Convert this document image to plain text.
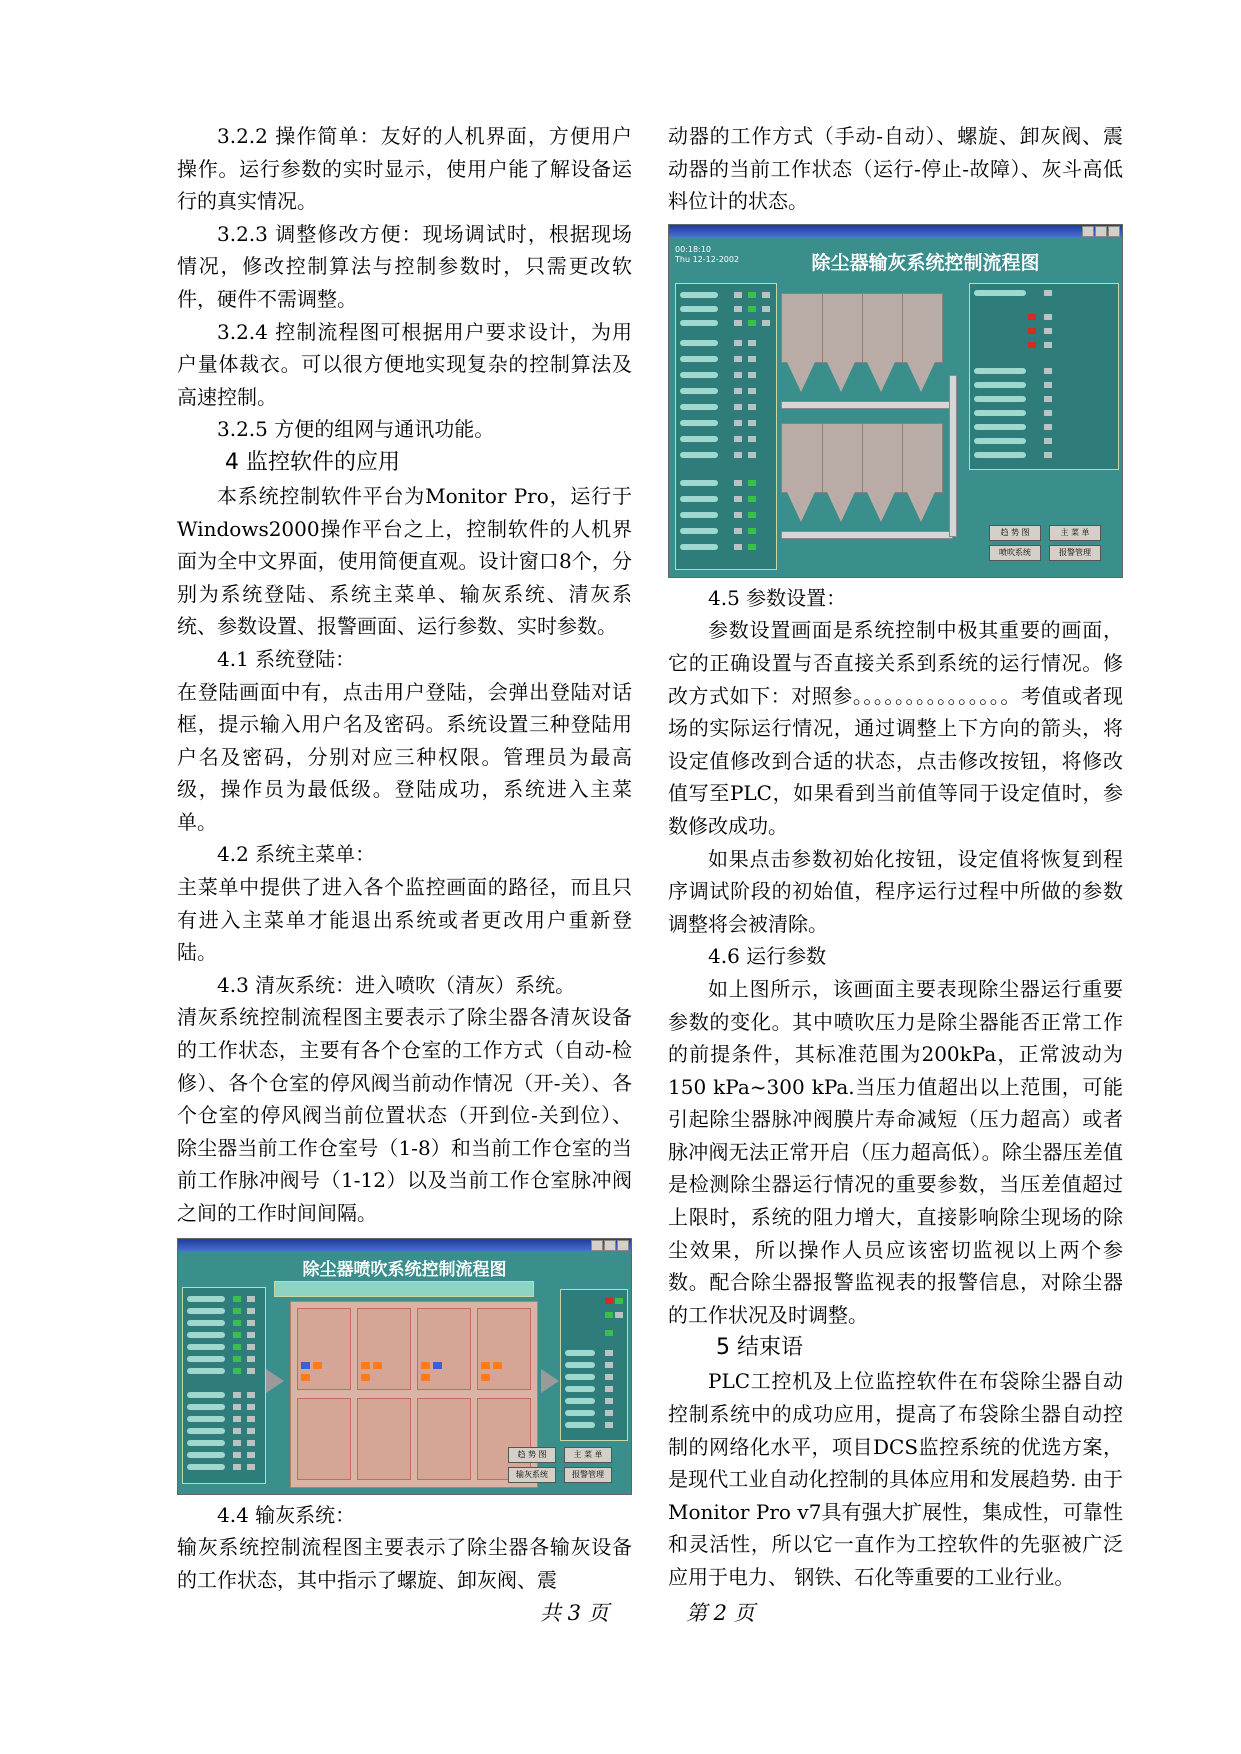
3.2.2 操作简单：友好的人机界面，方便用户操作。运行参数的实时显示，使用户能了解设备运行的真实情况。

3.2.3 调整修改方便：现场调试时，根据现场情况，修改控制算法与控制参数时，只需更改软件，硬件不需调整。

3.2.4 控制流程图可根据用户要求设计，为用户量体裁衣。可以很方便地实现复杂的控制算法及高速控制。

3.2.5 方便的组网与通讯功能。

4 监控软件的应用

本系统控制软件平台为Monitor Pro，运行于Windows2000操作平台之上，控制软件的人机界面为全中文界面，使用简便直观。设计窗口8个，分别为系统登陆、系统主菜单、输灰系统、清灰系统、参数设置、报警画面、运行参数、实时参数。

4.1 系统登陆：

在登陆画面中有，点击用户登陆，会弹出登陆对话框，提示输入用户名及密码。系统设置三种登陆用户名及密码，分别对应三种权限。管理员为最高级，操作员为最低级。登陆成功，系统进入主菜单。

4.2 系统主菜单：

主菜单中提供了进入各个监控画面的路径，而且只有进入主菜单才能退出系统或者更改用户重新登陆。

4.3 清灰系统：进入喷吹（清灰）系统。

清灰系统控制流程图主要表示了除尘器各清灰设备的工作状态，主要有各个仓室的工作方式（自动-检修）、各个仓室的停风阀当前动作情况（开-关）、各个仓室的停风阀当前位置状态（开到位-关到位）、除尘器当前工作仓室号（1-8）和当前工作仓室的当前工作脉冲阀号（1-12）以及当前工作仓室脉冲阀之间的工作时间间隔。

除尘器喷吹系统控制流程图
趋 势 图	主 菜 单
输灰系统	报警管理

4.4 输灰系统：

输灰系统控制流程图主要表示了除尘器各输灰设备的工作状态，其中指示了螺旋、卸灰阀、震

动器的工作方式（手动-自动）、螺旋、卸灰阀、震动器的当前工作状态（运行-停止-故障）、灰斗高低料位计的状态。

00:18:10
Thu 12-12-2002	除尘器输灰系统控制流程图
趋 势 图	主 菜 单
喷吹系统	报警管理

4.5 参数设置：

参数设置画面是系统控制中极其重要的画面，它的正确设置与否直接关系到系统的运行情况。修改方式如下：对照参。。。。。。。。。。。。。。。考值或者现场的实际运行情况，通过调整上下方向的箭头，将设定值修改到合适的状态，点击修改按钮，将修改值写至PLC，如果看到当前值等同于设定值时，参数修改成功。

如果点击参数初始化按钮，设定值将恢复到程序调试阶段的初始值，程序运行过程中所做的参数调整将会被清除。

4.6 运行参数

如上图所示，该画面主要表现除尘器运行重要参数的变化。其中喷吹压力是除尘器能否正常工作的前提条件，其标准范围为200kPa，正常波动为150 kPa~300 kPa.当压力值超出以上范围，可能引起除尘器脉冲阀膜片寿命减短（压力超高）或者脉冲阀无法正常开启（压力超高低）。除尘器压差值是检测除尘器运行情况的重要参数，当压差值超过上限时，系统的阻力增大，直接影响除尘现场的除尘效果，所以操作人员应该密切监视以上两个参数。配合除尘器报警监视表的报警信息，对除尘器的工作状况及时调整。

5 结束语

PLC工控机及上位监控软件在布袋除尘器自动控制系统中的成功应用，提高了布袋除尘器自动控制的网络化水平，项目DCS监控系统的优选方案，是现代工业自动化控制的具体应用和发展趋势. 由于Monitor Pro v7具有强大扩展性，集成性，可靠性和灵活性，所以它一直作为工控软件的先驱被广泛应用于电力、 钢铁、石化等重要的工业行业。

共 3 页	第 2 页
